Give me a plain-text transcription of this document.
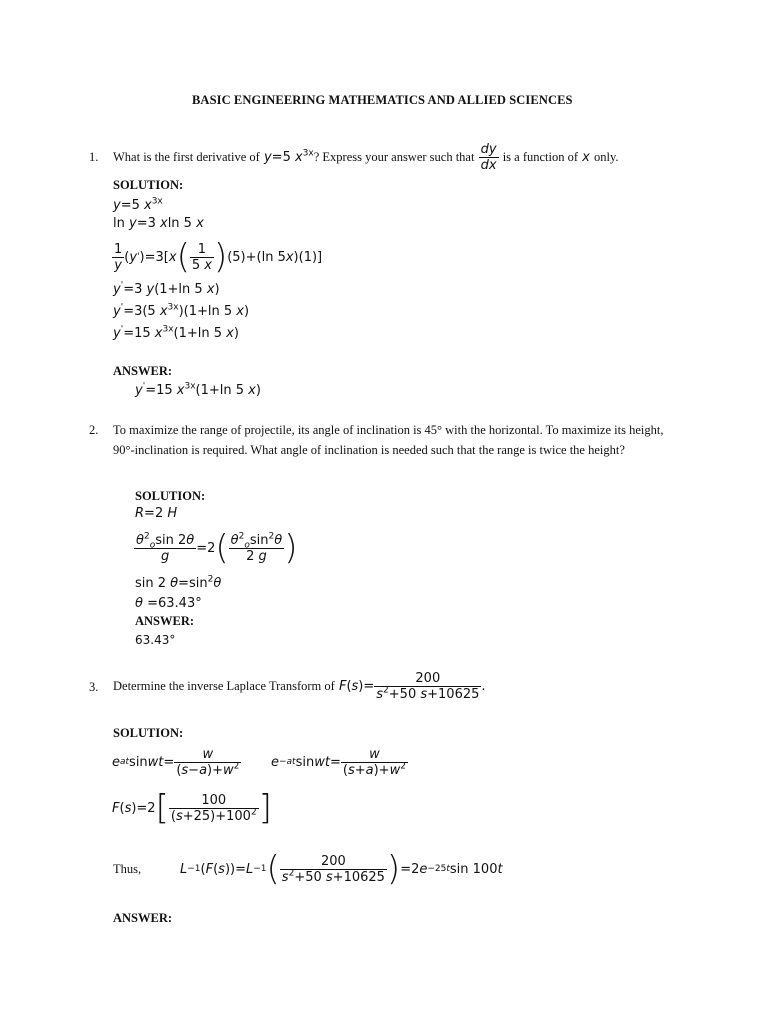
BASIC ENGINEERING MATHEMATICS AND ALLIED SCIENCES
1. What is the first derivative of y=5 $x^{3x}$ ? Express your answer such that
$\frac{dy}{dx}$
is a function of x only.
SOLUTION:
y=5 $x^{3x}$
ln y=3 xln 5 x
$\frac{1}{y}$ ( y ' )=3[ x ( $\frac{1}{5 x}$ ) (5)+(ln 5 x )(1)]
y'=3 y(1+ln 5 x)
y'=3(5 $x^{3x})(1+\ln$ 5 x)
y'=15 $x^{3x}(1+\ln$ 5 x)
ANSWER:
y'=15 $x^{3x}(1+\ln$ 5 x)
2. To maximize the range of projectile, its angle of inclination is 45° with the horizontal. To maximize its height,
90°-inclination is required. What angle of inclination is needed such that the range is twice the height?
SOLUTION:
R=2 H
$\frac{\theta^2_o\sin 2\theta}{g} =2$ ( $\frac{\theta^2_o\sin^2\theta}{2 g}$ )
sin 2 $\theta=\sin^2\theta$
θ =63.43°
ANSWER:
63.43°
3. Determine the inverse Laplace Transform of $F(s)= \frac{200}{s^2+50 s+10625}$ .
SOLUTION:
e at sin wt = $\frac{w}{(s-a)+w^2}$ e −at sin wt = $\frac{w}{(s+a)+w^2}$
F ( s )=2 [ $\frac{100}{(s+25)+100^2}$ ]
Thus,	L −1 ( F ( s ))= L −1 ( $\frac{200}{s^2+50 s+10625}$ ) =2 e −25t sin 100 t
ANSWER:
